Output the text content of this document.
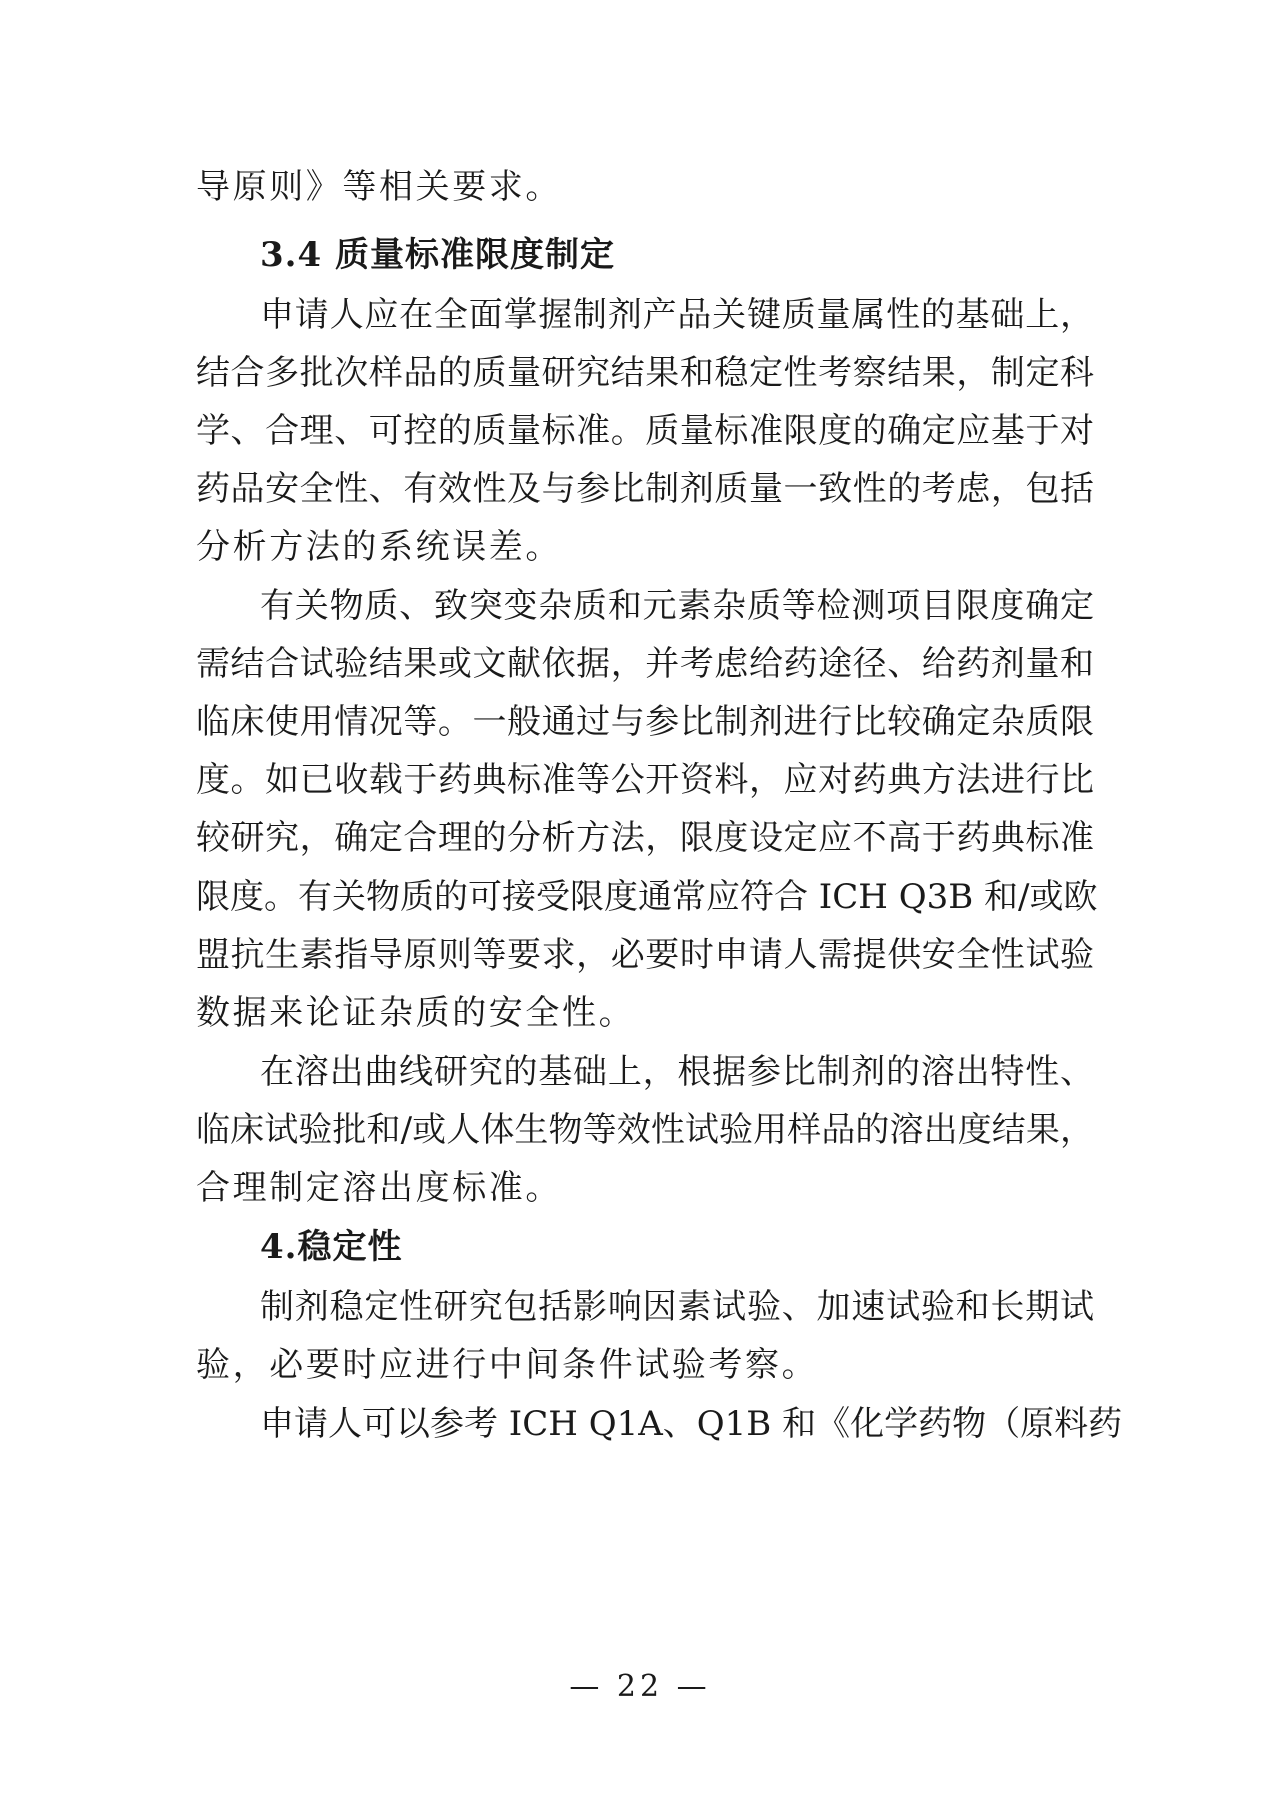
导原则》等相关要求。
3.4 质量标准限度制定
申请人应在全面掌握制剂产品关键质量属性的基础上，
结合多批次样品的质量研究结果和稳定性考察结果，制定科
学、合理、可控的质量标准。质量标准限度的确定应基于对
药品安全性、有效性及与参比制剂质量一致性的考虑，包括
分析方法的系统误差。
有关物质、致突变杂质和元素杂质等检测项目限度确定
需结合试验结果或文献依据，并考虑给药途径、给药剂量和
临床使用情况等。一般通过与参比制剂进行比较确定杂质限
度。如已收载于药典标准等公开资料，应对药典方法进行比
较研究，确定合理的分析方法，限度设定应不高于药典标准
限度。有关物质的可接受限度通常应符合 ICH Q3B 和/或欧
盟抗生素指导原则等要求，必要时申请人需提供安全性试验
数据来论证杂质的安全性。
在溶出曲线研究的基础上，根据参比制剂的溶出特性、
临床试验批和/或人体生物等效性试验用样品的溶出度结果，
合理制定溶出度标准。
4.稳定性
制剂稳定性研究包括影响因素试验、加速试验和长期试
验，必要时应进行中间条件试验考察。
申请人可以参考 ICH Q1A、Q1B 和《化学药物（原料药
— 22 —
